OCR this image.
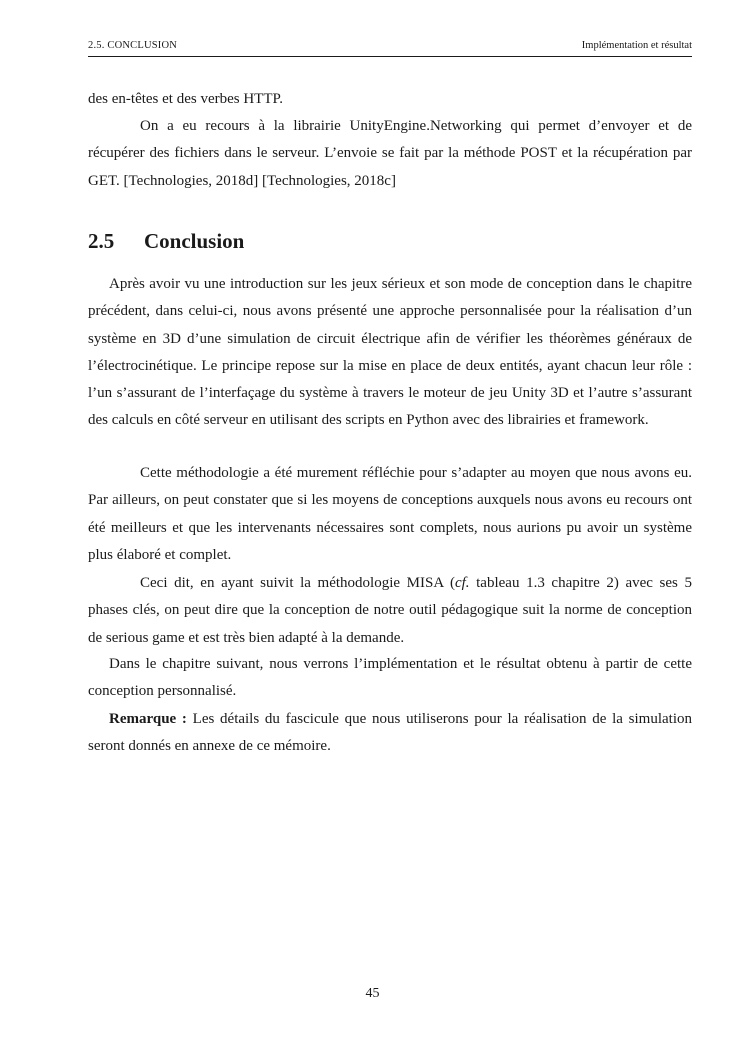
2.5. CONCLUSION	Implémentation et résultat

des en-têtes et des verbes HTTP.

On a eu recours à la librairie UnityEngine.Networking qui permet d’envoyer et de récupérer des fichiers dans le serveur. L’envoie se fait par la méthode POST et la récupération par GET. [Technologies, 2018d] [Technologies, 2018c]

2.5 Conclusion

Après avoir vu une introduction sur les jeux sérieux et son mode de conception dans le chapitre précédent, dans celui-ci, nous avons présenté une approche personnalisée pour la réalisation d’un système en 3D d’une simulation de circuit électrique afin de vérifier les théorèmes généraux de l’électrocinétique. Le principe repose sur la mise en place de deux entités, ayant chacun leur rôle : l’un s’assurant de l’interfaçage du système à travers le moteur de jeu Unity 3D et l’autre s’assurant des calculs en côté serveur en utilisant des scripts en Python avec des librairies et framework.

Cette méthodologie a été murement réfléchie pour s’adapter au moyen que nous avons eu. Par ailleurs, on peut constater que si les moyens de conceptions auxquels nous avons eu recours ont été meilleurs et que les intervenants nécessaires sont complets, nous aurions pu avoir un système plus élaboré et complet.

Ceci dit, en ayant suivit la méthodologie MISA (cf. tableau 1.3 chapitre 2) avec ses 5 phases clés, on peut dire que la conception de notre outil pédagogique suit la norme de conception de serious game et est très bien adapté à la demande.

Dans le chapitre suivant, nous verrons l’implémentation et le résultat obtenu à partir de cette conception personnalisé.

Remarque : Les détails du fascicule que nous utiliserons pour la réalisation de la simulation seront donnés en annexe de ce mémoire.

45
